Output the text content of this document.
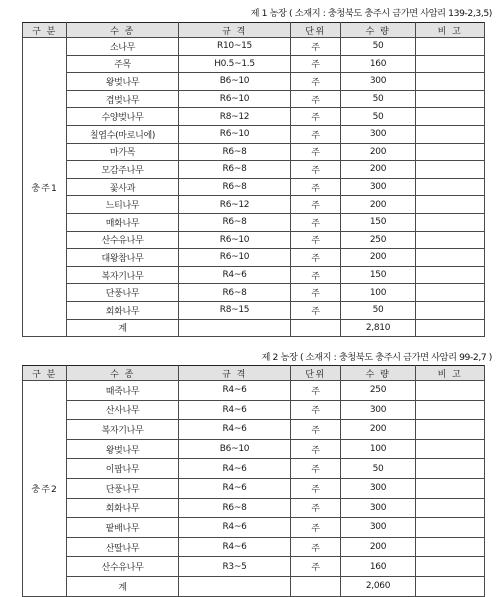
제 1 농장 ( 소재지 : 충청북도 충주시 금가면 사암리 139-2,3,5)
구 분	수 종	규 격	단위	수 량	비 고
충주1	소나무	R10~15	주	50	
	주목	H0.5~1.5	주	160	
	왕벚나무	B6~10	주	300	
	겹벚나무	R6~10	주	50	
	수양벚나무	R8~12	주	50	
	칠엽수(마로니에)	R6~10	주	300	
	마가목	R6~8	주	200	
	모감주나무	R6~8	주	200	
	꽃사과	R6~8	주	300	
	느티나무	R6~12	주	200	
	매화나무	R6~8	주	150	
	산수유나무	R6~10	주	250	
	대왕참나무	R6~10	주	200	
	복자기나무	R4~6	주	150	
	단풍나무	R6~8	주	100	
	회화나무	R8~15	주	50	
	계			2,810	
제 2 농장 ( 소재지 : 충청북도 충주시 금가면 사암리 99-2,7 )
구 분	수 종	규 격	단위	수 량	비 고
충주2	때죽나무	R4~6	주	250	
	산사나무	R4~6	주	300	
	복자기나무	R4~6	주	200	
	왕벚나무	B6~10	주	100	
	이팝나무	R4~6	주	50	
	단풍나무	R4~6	주	300	
	회화나무	R6~8	주	300	
	팥배나무	R4~6	주	300	
	산딸나무	R4~6	주	200	
	산수유나무	R3~5	주	160	
	계			2,060	
